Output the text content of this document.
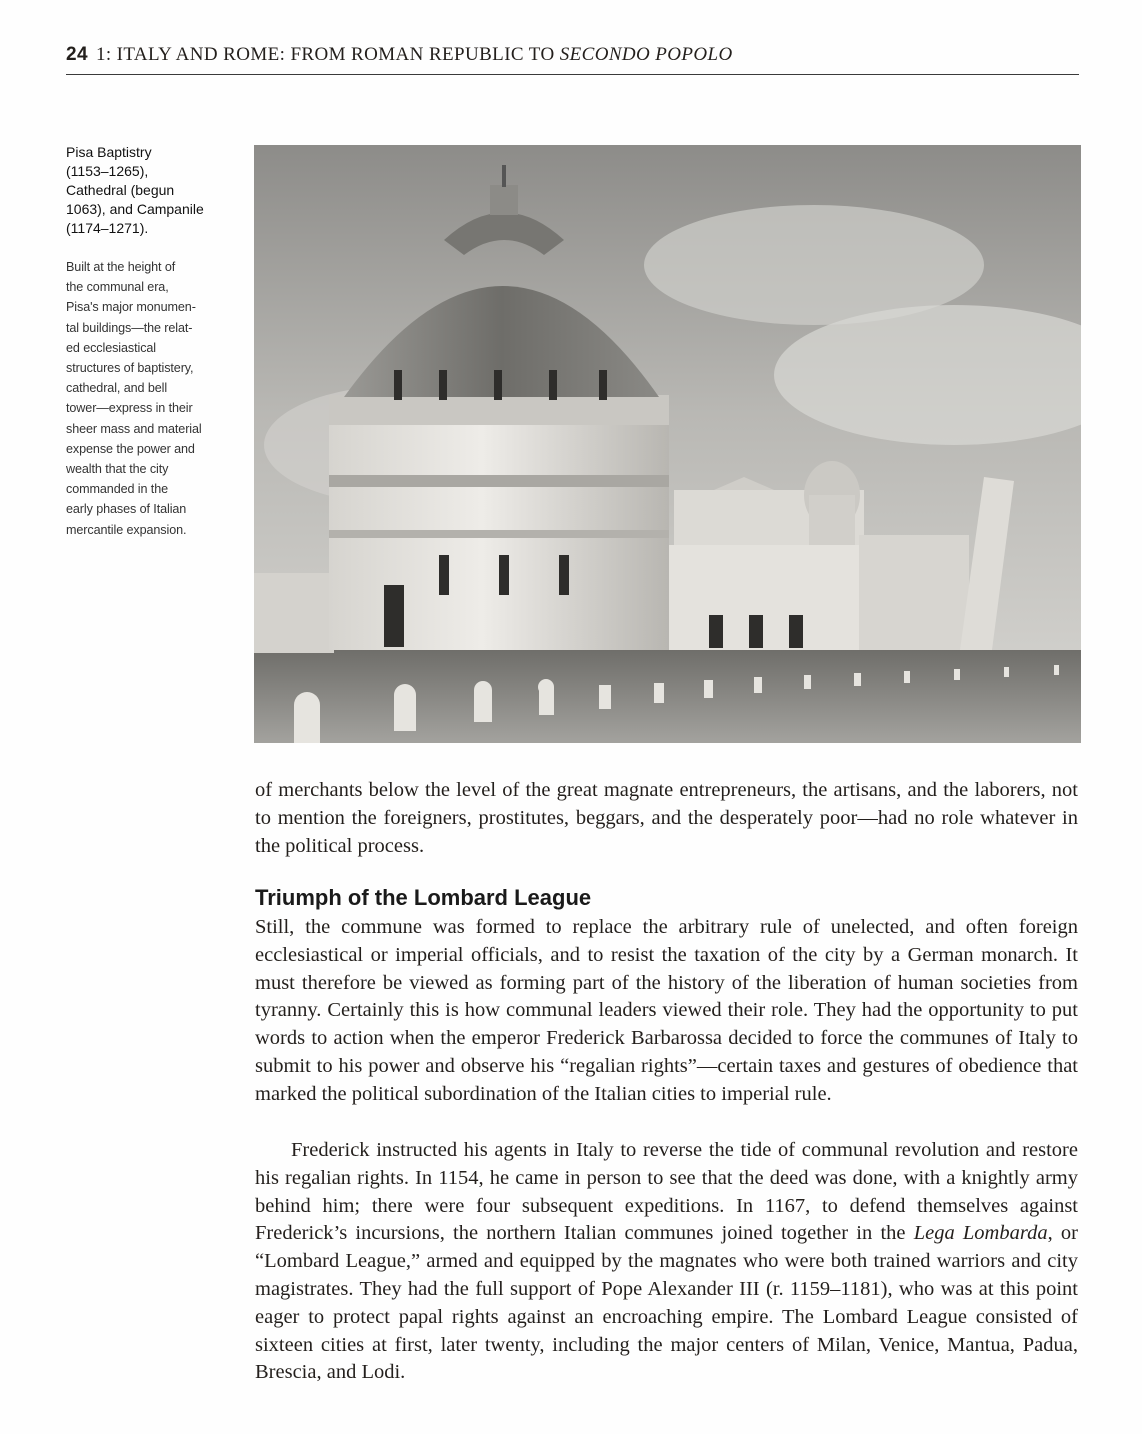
24 1: ITALY AND ROME: FROM ROMAN REPUBLIC TO SECONDO POPOLO
Pisa Baptistry
(1153–1265),
Cathedral (begun
1063), and Campanile
(1174–1271).
Built at the height of
the communal era,
Pisa's major monumen-
tal buildings—the relat-
ed ecclesiastical
structures of baptistery,
cathedral, and bell
tower—express in their
sheer mass and material
expense the power and
wealth that the city
commanded in the
early phases of Italian
mercantile expansion.

of merchants below the level of the great magnate entrepreneurs, the artisans, and the laborers, not to mention the foreigners, prostitutes, beggars, and the desperately poor—had no role whatever in the political process.

Triumph of the Lombard League

Still, the commune was formed to replace the arbitrary rule of unelected, and often foreign ecclesiastical or imperial officials, and to resist the taxation of the city by a German monarch. It must therefore be viewed as forming part of the history of the liberation of human societies from tyranny. Certainly this is how communal leaders viewed their role. They had the opportunity to put words to action when the emperor Frederick Barbarossa decided to force the communes of Italy to submit to his power and observe his “regalian rights”—certain taxes and gestures of obedience that marked the political subordination of the Italian cities to imperial rule.

Frederick instructed his agents in Italy to reverse the tide of communal revolution and restore his regalian rights. In 1154, he came in person to see that the deed was done, with a knightly army behind him; there were four subsequent expeditions. In 1167, to defend themselves against Frederick’s incursions, the northern Italian communes joined together in the Lega Lombarda, or “Lombard League,” armed and equipped by the magnates who were both trained warriors and city magistrates. They had the full support of Pope Alexander III (r. 1159–1181), who was at this point eager to protect papal rights against an encroaching empire. The Lombard League consisted of sixteen cities at first, later twenty, including the major centers of Milan, Venice, Mantua, Padua, Brescia, and Lodi.
